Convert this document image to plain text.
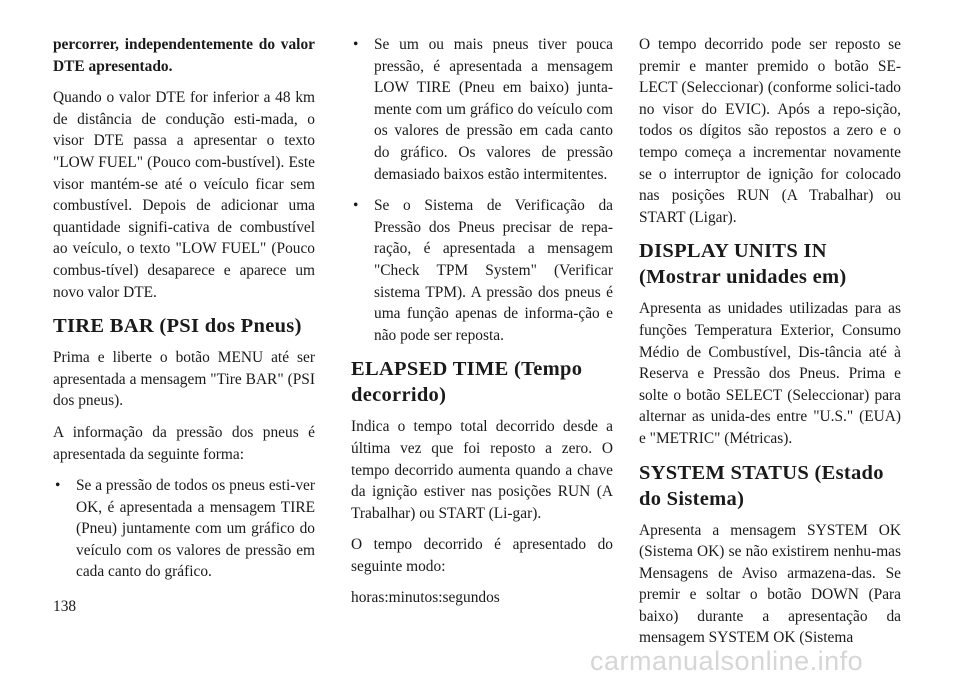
percorrer, independentemente do valor DTE apresentado.

Quando o valor DTE for inferior a 48 km de distância de condução esti-mada, o visor DTE passa a apresentar o texto "LOW FUEL" (Pouco com-bustível). Este visor mantém-se até o veículo ficar sem combustível. Depois de adicionar uma quantidade signifi-cativa de combustível ao veículo, o texto "LOW FUEL" (Pouco combus-tível) desaparece e aparece um novo valor DTE.

TIRE BAR (PSI dos Pneus)

Prima e liberte o botão MENU até ser apresentada a mensagem "Tire BAR" (PSI dos pneus).

A informação da pressão dos pneus é apresentada da seguinte forma:

• Se a pressão de todos os pneus esti-ver OK, é apresentada a mensagem TIRE (Pneu) juntamente com um gráfico do veículo com os valores de pressão em cada canto do gráfico.
• Se um ou mais pneus tiver pouca pressão, é apresentada a mensagem LOW TIRE (Pneu em baixo) junta-mente com um gráfico do veículo com os valores de pressão em cada canto do gráfico. Os valores de pressão demasiado baixos estão intermitentes.
• Se o Sistema de Verificação da Pressão dos Pneus precisar de repa-ração, é apresentada a mensagem "Check TPM System" (Verificar sistema TPM). A pressão dos pneus é uma função apenas de informa-ção e não pode ser reposta.
ELAPSED TIME (Tempo decorrido)

Indica o tempo total decorrido desde a última vez que foi reposto a zero. O tempo decorrido aumenta quando a chave da ignição estiver nas posições RUN (A Trabalhar) ou START (Li-gar).

O tempo decorrido é apresentado do seguinte modo:

horas:minutos:segundos

O tempo decorrido pode ser reposto se premir e manter premido o botão SE-LECT (Seleccionar) (conforme solici-tado no visor do EVIC). Após a repo-sição, todos os dígitos são repostos a zero e o tempo começa a incrementar novamente se o interruptor de ignição for colocado nas posições RUN (A Trabalhar) ou START (Ligar).

DISPLAY UNITS IN (Mostrar unidades em)

Apresenta as unidades utilizadas para as funções Temperatura Exterior, Consumo Médio de Combustível, Dis-tância até à Reserva e Pressão dos Pneus. Prima e solte o botão SELECT (Seleccionar) para alternar as unida-des entre "U.S." (EUA) e "METRIC" (Métricas).

SYSTEM STATUS (Estado do Sistema)

Apresenta a mensagem SYSTEM OK (Sistema OK) se não existirem nenhu-mas Mensagens de Aviso armazena-das. Se premir e soltar o botão DOWN (Para baixo) durante a apresentação da mensagem SYSTEM OK (Sistema

138
carmanualsonline.info
